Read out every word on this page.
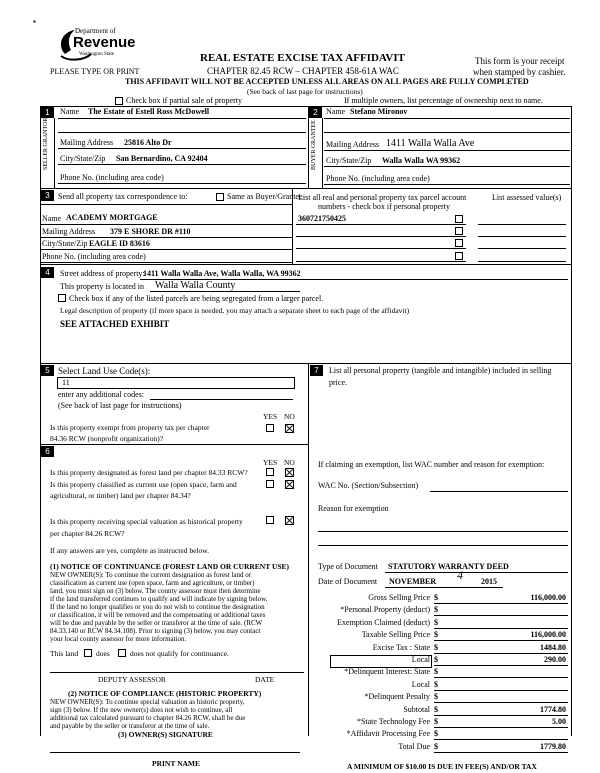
▪
Department of
Revenue
Washington State
PLEASE TYPE OR PRINT
REAL ESTATE EXCISE TAX AFFIDAVIT
CHAPTER 82.45 RCW – CHAPTER 458-61A WAC
THIS AFFIDAVIT WILL NOT BE ACCEPTED UNLESS ALL AREAS ON ALL PAGES ARE FULLY COMPLETED
(See back of last page for instructions)
This form is your receipt
when stamped by cashier.
Check box if partial sale of property	If multiple owners, list percentage of ownership next to name.
1	2
SELLER GRANTOR	BUYER GRANTEE
Name The Estate of Estell Ross McDowell
Mailing Address 25816 Alto Dr
City/State/Zip San Bernardino, CA 92404
Phone No. (including area code)
Name Stefano Mironov
Mailing Address 1411 Walla Walla Ave
City/State/Zip Walla Walla WA 99362
Phone No. (including area code)
3	Send all property tax correspondence to:	Same as Buyer/Grantee
Name ACADEMY MORTGAGE
Mailing Address 379 E SHORE DR #110
City/State/Zip EAGLE ID 83616
Phone No. (including area code)
List all real and personal property tax parcel account
numbers - check box if personal property
List assessed value(s)
360721750425
4	Street address of property:
1411 Walla Walla Ave, Walla Walla, WA 99362
This property is located in Walla Walla County
Check box if any of the listed parcels are being segregated from a larger parcel.
Legal description of property (if more space is needed, you may attach a separate sheet to each page of the affidavit)
SEE ATTACHED EXHIBIT
5 Select Land Use Code(s):
11
enter any additional codes:
(See back of last page for instructions)
YES NO
Is this property exempt from property tax per chapter
84.36 RCW (nonprofit organization)?
7	List all personal property (tangible and intangible) included in selling
price.
6
YES NO
Is this property designated as forest land per chapter 84.33 RCW?
Is this property classified as current use (open space, farm and
agricultural, or timber) land per chapter 84.34?
Is this property receiving special valuation as historical property
per chapter 84.26 RCW?
If any answers are yes, complete as instructed below.
(1) NOTICE OF CONTINUANCE (FOREST LAND OR CURRENT USE)
NEW OWNER(S): To continue the current designation as forest land or
classification as current use (open space, farm and agriculture, or timber)
land, you must sign on (3) below. The county assessor must then determine
if the land transferred continues to qualify and will indicate by signing below.
If the land no longer qualifies or you do not wish to continue the designation
or classification, it will be removed and the compensating or additional taxes
will be due and payable by the seller or transferor at the time of sale. (RCW
84.33.140 or RCW 84.34.108). Prior to signing (3) below, you may contact
your local county assessor for more information.
This land does	does not qualify for continuance.
DEPUTY ASSESSOR	DATE
(2) NOTICE OF COMPLIANCE (HISTORIC PROPERTY)
NEW OWNER(S): To continue special valuation as historic property,
sign (3) below. If the new owner(s) does not wish to continue, all
additional tax calculated pursuant to chapter 84.26 RCW, shall be due
and payable by the seller or transferor at the time of sale.
(3) OWNER(S) SIGNATURE
PRINT NAME
If claiming an exemption, list WAC number and reason for exemption:
WAC No. (Section/Subsection)
Reason for exemption
Type of Document STATUTORY WARRANTY DEED
Date of Document NOVEMBER 4 2015
Gross Selling Price $	116,000.00
*Personal Property (deduct) $
Exemption Claimed (deduct) $
Taxable Selling Price $	116,000.00
Excise Tax : State $	1484.80
Local $	290.00
*Delinquent Interest: State $
Local $
*Delinquent Penalty $
Subtotal $	1774.80
*State Technology Fee $	5.00
*Affidavit Processing Fee $
Total Due $	1779.80
A MINIMUM OF $10.00 IS DUE IN FEE(S) AND/OR TAX
